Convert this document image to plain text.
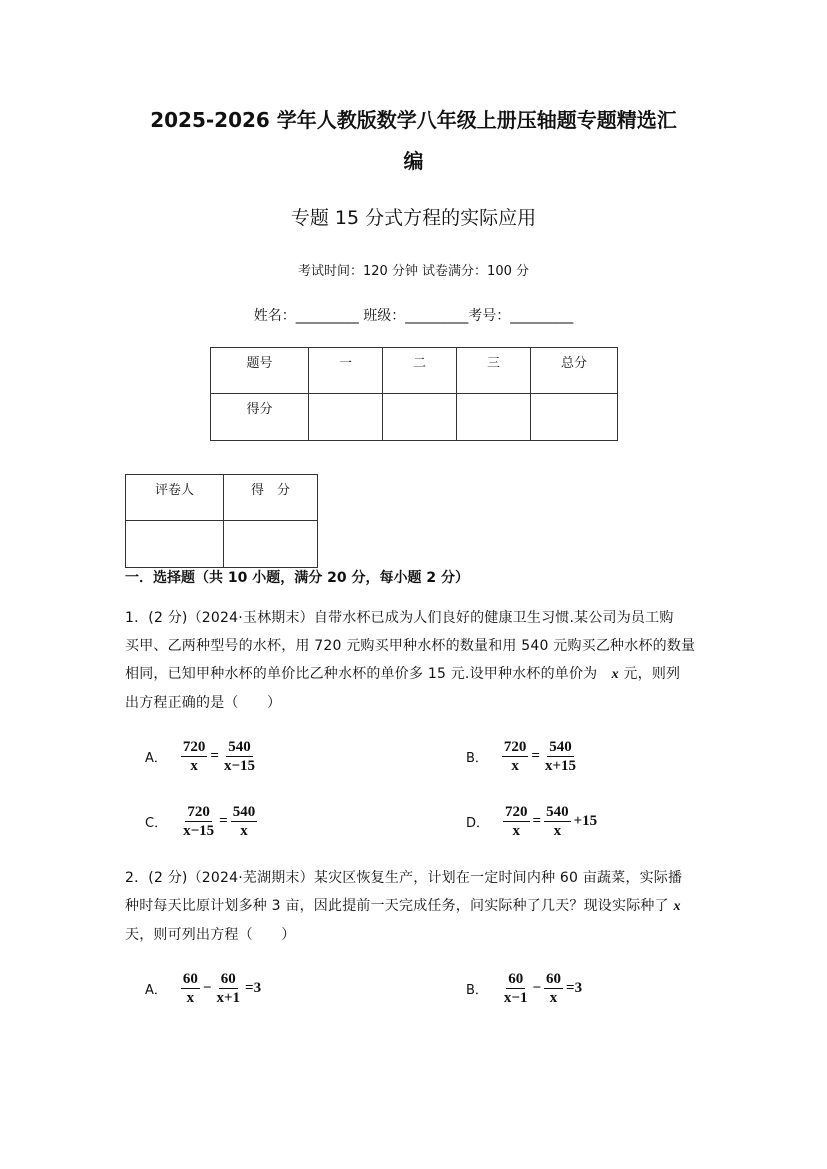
2025-2026 学年人教版数学八年级上册压轴题专题精选汇
编
专题 15 分式方程的实际应用
考试时间：120 分钟 试卷满分：100 分
姓名：_________ 班级：_________考号：_________
题号	一	二	三	总分
得分				
评卷人	得　分

一．选择题（共 10 小题，满分 20 分，每小题 2 分）
1．(2 分)（2024·玉林期末）自带水杯已成为人们良好的健康卫生习惯.某公司为员工购
买甲、乙两种型号的水杯，用 720 元购买甲种水杯的数量和用 540 元购买乙种水杯的数量
相同，已知甲种水杯的单价比乙种水杯的单价多 15 元.设甲种水杯的单价为　 x 元，则列
出方程正确的是（　　）
2．(2 分)（2024·芜湖期末）某灾区恢复生产，计划在一定时间内种 60 亩蔬菜，实际播
种时每天比原计划多种 3 亩，因此提前一天完成任务，问实际种了几天？现设实际种了 x
天，则可列出方程（　　）
A． $\frac{720}{x} = \frac{540}{x-15}$	B． $\frac{720}{x} = \frac{540}{x+15}$
C． $\frac{720}{x-15} = \frac{540}{x}$	D． $\frac{720}{x} = \frac{540}{x} +15$
A． $\frac{60}{x} - \frac{60}{x+1} =3$	B． $\frac{60}{x-1} - \frac{60}{x} =3$
